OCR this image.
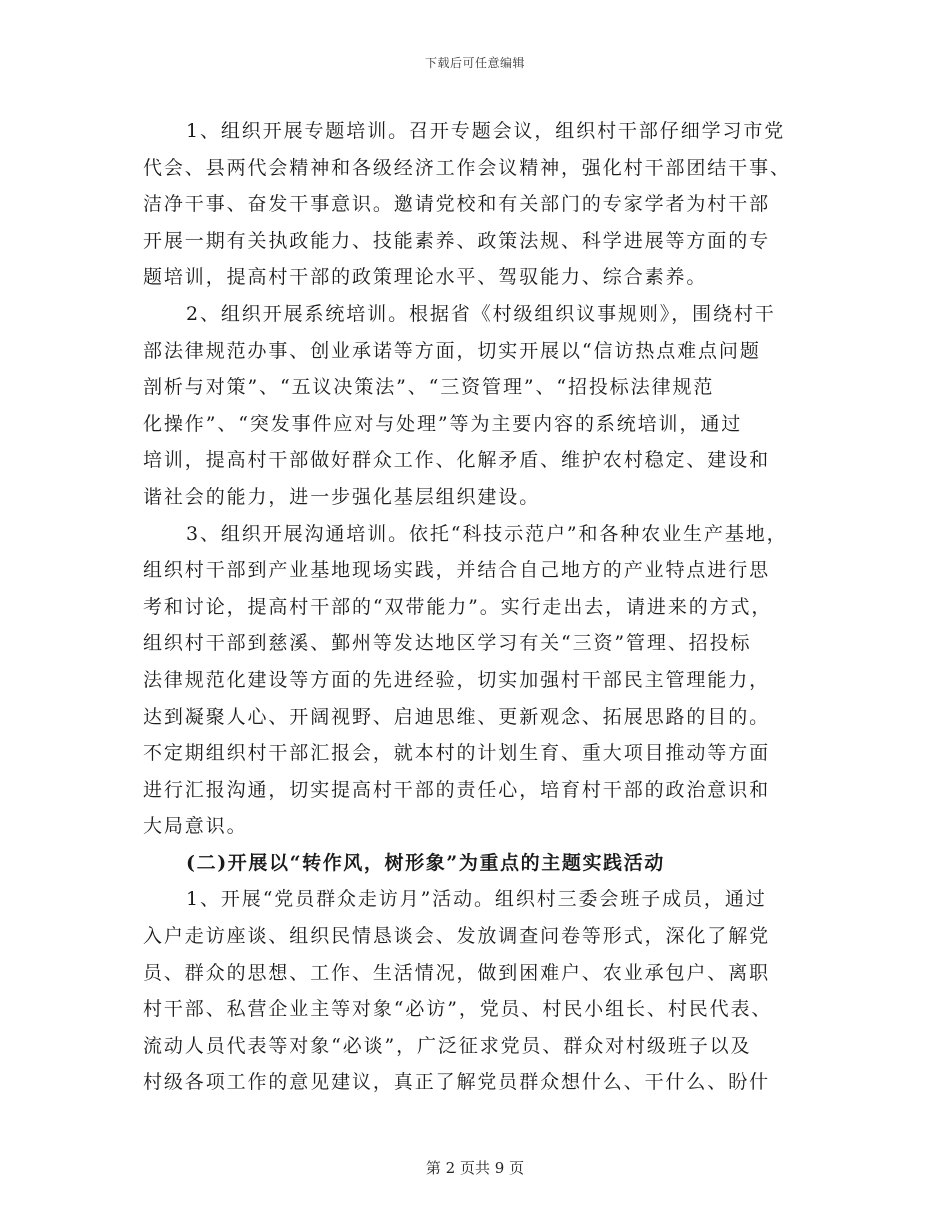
下载后可任意编辑
1、组织开展专题培训。召开专题会议，组织村干部仔细学习市党
代会、县两代会精神和各级经济工作会议精神，强化村干部团结干事、
洁净干事、奋发干事意识。邀请党校和有关部门的专家学者为村干部
开展一期有关执政能力、技能素养、政策法规、科学进展等方面的专
题培训，提高村干部的政策理论水平、驾驭能力、综合素养。
2、组织开展系统培训。根据省《村级组织议事规则》，围绕村干
部法律规范办事、创业承诺等方面，切实开展以“信访热点难点问题
剖析与对策”、“五议决策法”、“三资管理”、“招投标法律规范
化操作”、“突发事件应对与处理”等为主要内容的系统培训，通过
培训，提高村干部做好群众工作、化解矛盾、维护农村稳定、建设和
谐社会的能力，进一步强化基层组织建设。
3、组织开展沟通培训。依托“科技示范户”和各种农业生产基地，
组织村干部到产业基地现场实践，并结合自己地方的产业特点进行思
考和讨论，提高村干部的“双带能力”。实行走出去，请进来的方式，
组织村干部到慈溪、鄞州等发达地区学习有关“三资”管理、招投标
法律规范化建设等方面的先进经验，切实加强村干部民主管理能力，
达到凝聚人心、开阔视野、启迪思维、更新观念、拓展思路的目的。
不定期组织村干部汇报会，就本村的计划生育、重大项目推动等方面
进行汇报沟通，切实提高村干部的责任心，培育村干部的政治意识和
大局意识。
(二)开展以“转作风，树形象”为重点的主题实践活动
1、开展“党员群众走访月”活动。组织村三委会班子成员，通过
入户走访座谈、组织民情恳谈会、发放调查问卷等形式，深化了解党
员、群众的思想、工作、生活情况，做到困难户、农业承包户、离职
村干部、私营企业主等对象“必访”，党员、村民小组长、村民代表、
流动人员代表等对象“必谈”，广泛征求党员、群众对村级班子以及
村级各项工作的意见建议，真正了解党员群众想什么、干什么、盼什
第 2 页共 9 页
